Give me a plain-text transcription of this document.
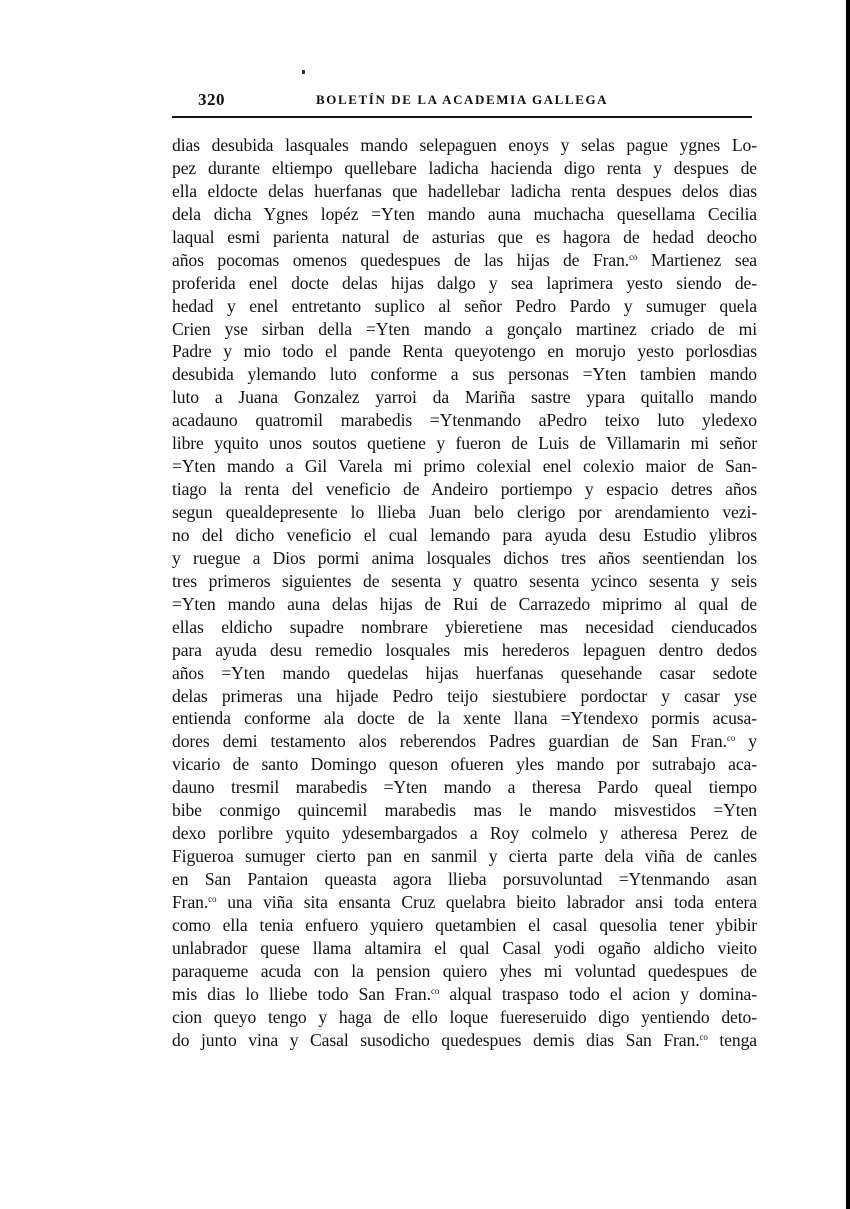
320	BOLETÍN DE LA ACADEMIA GALLEGA
dias desubida lasquales mando selepaguen enoys y selas pague ygnes Lo-
pez durante eltiempo quellebare ladicha hacienda digo renta y despues de
ella eldocte delas huerfanas que hadellebar ladicha renta despues delos dias
dela dicha Ygnes lopéz =Yten mando auna muchacha quesellama Cecilia
laqual esmi parienta natural de asturias que es hagora de hedad deocho
años pocomas omenos quedespues de las hijas de Fran.$^{co}$ Martienez sea
proferida enel docte delas hijas dalgo y sea laprimera yesto siendo de-
hedad y enel entretanto suplico al señor Pedro Pardo y sumuger quela
Crien yse sirban della =Yten mando a gonçalo martinez criado de mi
Padre y mio todo el pande Renta queyotengo en morujo yesto porlosdias
desubida ylemando luto conforme a sus personas =Yten tambien mando
luto a Juana Gonzalez yarroi da Mariña sastre ypara quitallo mando
acadauno quatromil marabedis =Ytenmando aPedro teixo luto yledexo
libre yquito unos soutos quetiene y fueron de Luis de Villamarin mi señor
=Yten mando a Gil Varela mi primo colexial enel colexio maior de San-
tiago la renta del veneficio de Andeiro portiempo y espacio detres años
segun quealdepresente lo llieba Juan belo clerigo por arendamiento vezi-
no del dicho veneficio el cual lemando para ayuda desu Estudio ylibros
y ruegue a Dios pormi anima losquales dichos tres años seentiendan los
tres primeros siguientes de sesenta y quatro sesenta ycinco sesenta y seis
=Yten mando auna delas hijas de Rui de Carrazedo miprimo al qual de
ellas eldicho supadre nombrare ybieretiene mas necesidad cienducados
para ayuda desu remedio losquales mis herederos lepaguen dentro dedos
años =Yten mando quedelas hijas huerfanas quesehande casar sedote
delas primeras una hijade Pedro teijo siestubiere pordoctar y casar yse
entienda conforme ala docte de la xente llana =Ytendexo pormis acusa-
dores demi testamento alos reberendos Padres guardian de San Fran.$^{co}$ y
vicario de santo Domingo queson ofueren yles mando por sutrabajo aca-
dauno tresmil marabedis =Yten mando a theresa Pardo queal tiempo
bibe conmigo quincemil marabedis mas le mando misvestidos =Yten
dexo porlibre yquito ydesembargados a Roy colmelo y atheresa Perez de
Figueroa sumuger cierto pan en sanmil y cierta parte dela viña de canles
en San Pantaion queasta agora llieba porsuvoluntad =Ytenmando asan
Fran.$^{co}$ una viña sita ensanta Cruz quelabra bieito labrador ansi toda entera
como ella tenia enfuero yquiero quetambien el casal quesolia tener ybibir
unlabrador quese llama altamira el qual Casal yodi ogaño aldicho vieito
paraqueme acuda con la pension quiero yhes mi voluntad quedespues de
mis dias lo lliebe todo San Fran.$^{co}$ alqual traspaso todo el acion y domina-
cion queyo tengo y haga de ello loque fuereseruido digo yentiendo deto-
do junto vina y Casal susodicho quedespues demis dias San Fran.$^{co}$ tenga
